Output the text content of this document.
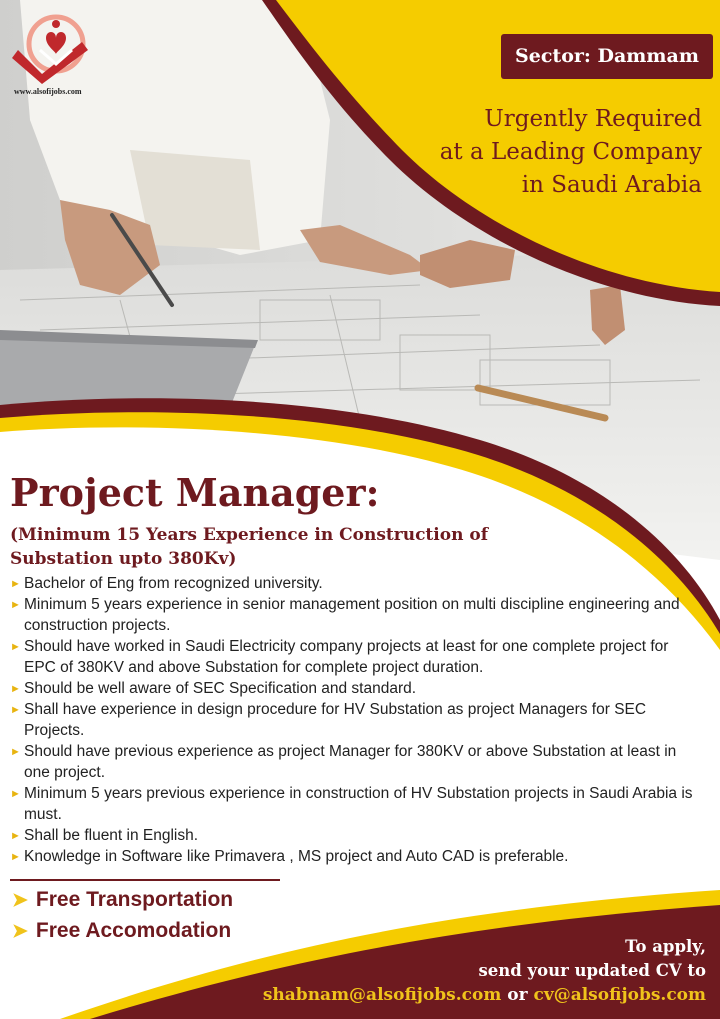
www.alsofijobs.com
Sector: Dammam
Urgently Required
at a Leading Company
in Saudi Arabia
Project Manager:
(Minimum 15 Years Experience in Construction of Substation upto 380Kv)
► Bachelor of Eng from recognized university.
► Minimum 5 years experience in senior management position on multi discipline engineering and construction projects.
► Should have worked in Saudi Electricity company projects at least for one complete project for EPC of 380KV and above Substation for complete project duration.
► Should be well aware of SEC Specification and standard.
► Shall have experience in design procedure for HV Substation as project Managers for SEC Projects.
► Should have previous experience as project Manager for 380KV or above Substation at least in one project.
► Minimum 5 years previous experience in construction of HV Substation projects in Saudi Arabia is must.
► Shall be fluent in English.
► Knowledge in Software like Primavera , MS project and Auto CAD is preferable.
➤ Free Transportation
➤ Free Accomodation
To apply,
send your updated CV to
shabnam@alsofijobs.com or cv@alsofijobs.com
